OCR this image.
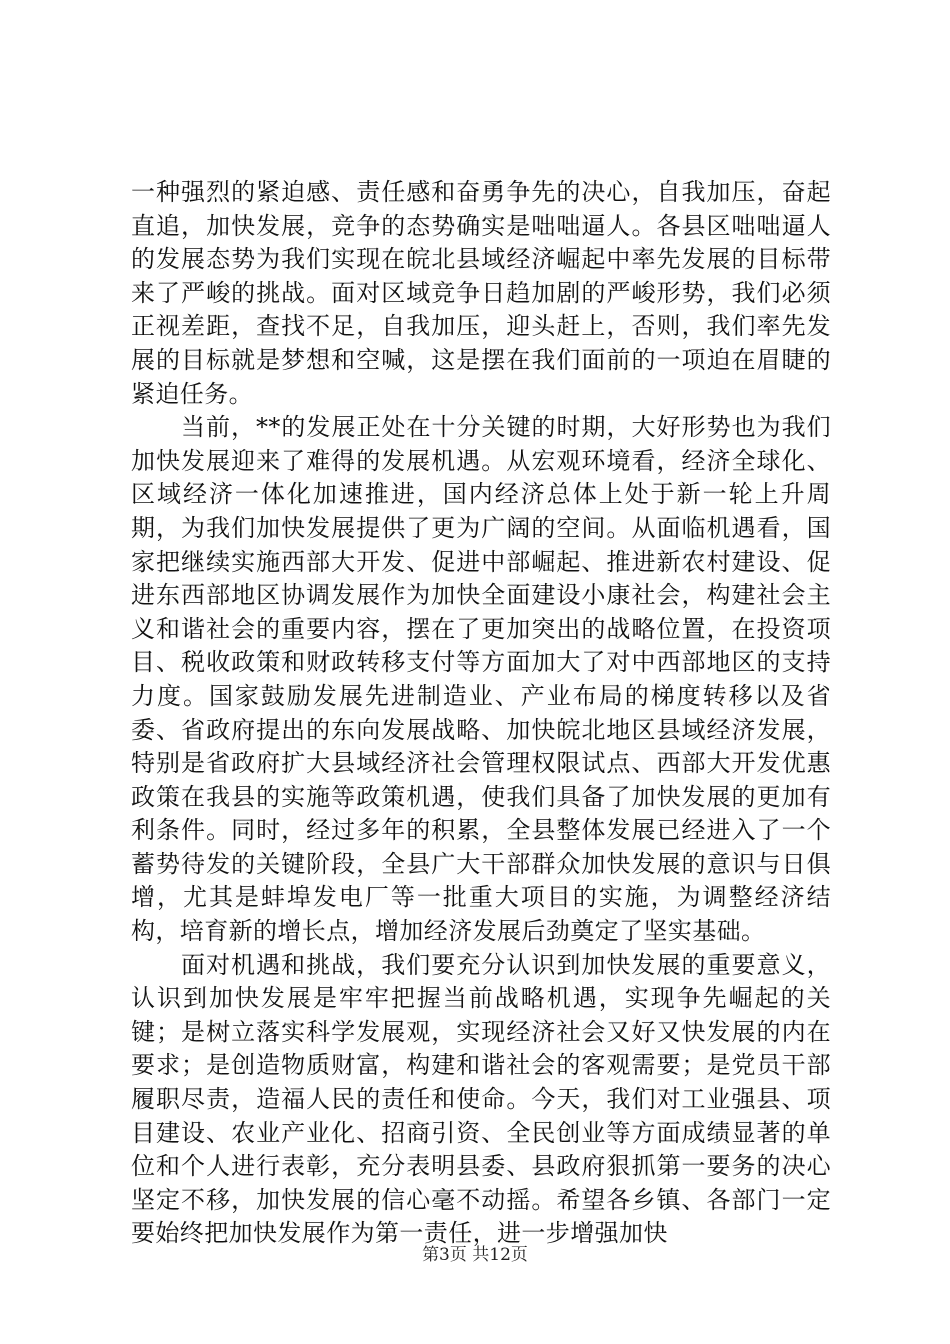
一种强烈的紧迫感、责任感和奋勇争先的决心，自我加压，奋起直追，加快发展，竞争的态势确实是咄咄逼人。各县区咄咄逼人的发展态势为我们实现在皖北县域经济崛起中率先发展的目标带来了严峻的挑战。面对区域竞争日趋加剧的严峻形势，我们必须正视差距，查找不足，自我加压，迎头赶上，否则，我们率先发展的目标就是梦想和空喊，这是摆在我们面前的一项迫在眉睫的紧迫任务。

当前，**的发展正处在十分关键的时期，大好形势也为我们加快发展迎来了难得的发展机遇。从宏观环境看，经济全球化、区域经济一体化加速推进，国内经济总体上处于新一轮上升周期，为我们加快发展提供了更为广阔的空间。从面临机遇看，国家把继续实施西部大开发、促进中部崛起、推进新农村建设、促进东西部地区协调发展作为加快全面建设小康社会，构建社会主义和谐社会的重要内容，摆在了更加突出的战略位置，在投资项目、税收政策和财政转移支付等方面加大了对中西部地区的支持力度。国家鼓励发展先进制造业、产业布局的梯度转移以及省委、省政府提出的东向发展战略、加快皖北地区县域经济发展，特别是省政府扩大县域经济社会管理权限试点、西部大开发优惠政策在我县的实施等政策机遇，使我们具备了加快发展的更加有利条件。同时，经过多年的积累，全县整体发展已经进入了一个蓄势待发的关键阶段，全县广大干部群众加快发展的意识与日俱增，尤其是蚌埠发电厂等一批重大项目的实施，为调整经济结构，培育新的增长点，增加经济发展后劲奠定了坚实基础。

面对机遇和挑战，我们要充分认识到加快发展的重要意义，认识到加快发展是牢牢把握当前战略机遇，实现争先崛起的关键；是树立落实科学发展观，实现经济社会又好又快发展的内在要求；是创造物质财富，构建和谐社会的客观需要；是党员干部履职尽责，造福人民的责任和使命。今天，我们对工业强县、项目建设、农业产业化、招商引资、全民创业等方面成绩显著的单位和个人进行表彰，充分表明县委、县政府狠抓第一要务的决心坚定不移，加快发展的信心毫不动摇。希望各乡镇、各部门一定要始终把加快发展作为第一责任，进一步增强加快

第3页 共12页
